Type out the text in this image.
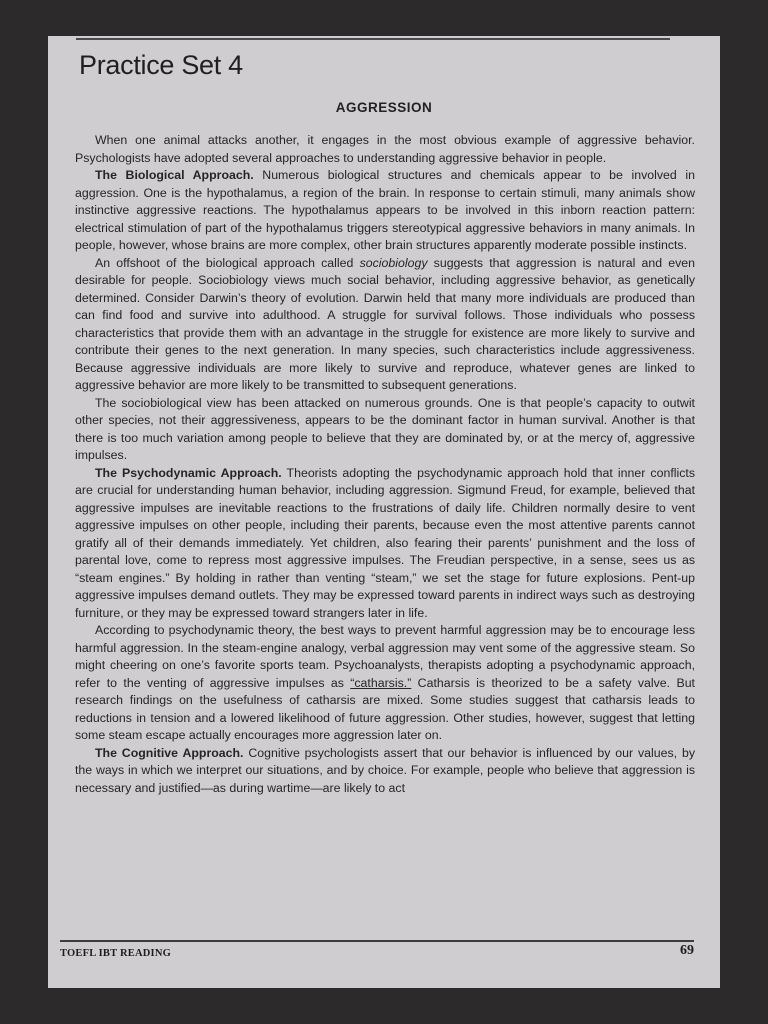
Practice Set 4
AGGRESSION

When one animal attacks another, it engages in the most obvious example of aggressive behavior. Psychologists have adopted several approaches to understanding aggressive behavior in people.

The Biological Approach. Numerous biological structures and chemicals appear to be involved in aggression. One is the hypothalamus, a region of the brain. In response to certain stimuli, many animals show instinctive aggressive reactions. The hypothalamus appears to be involved in this inborn reaction pattern: electrical stimulation of part of the hypothalamus triggers stereotypical aggressive behaviors in many animals. In people, however, whose brains are more complex, other brain structures apparently moderate possible instincts.

An offshoot of the biological approach called sociobiology suggests that aggression is natural and even desirable for people. Sociobiology views much social behavior, including aggressive behavior, as genetically determined. Consider Darwin’s theory of evolution. Darwin held that many more individuals are produced than can find food and survive into adulthood. A struggle for survival follows. Those individuals who possess characteristics that provide them with an advantage in the struggle for existence are more likely to survive and contribute their genes to the next generation. In many species, such characteristics include aggressiveness. Because aggressive individuals are more likely to survive and reproduce, whatever genes are linked to aggressive behavior are more likely to be transmitted to subsequent generations.

The sociobiological view has been attacked on numerous grounds. One is that people’s capacity to outwit other species, not their aggressiveness, appears to be the dominant factor in human survival. Another is that there is too much variation among people to believe that they are dominated by, or at the mercy of, aggressive impulses.

The Psychodynamic Approach. Theorists adopting the psychodynamic approach hold that inner conflicts are crucial for understanding human behavior, including aggression. Sigmund Freud, for example, believed that aggressive impulses are inevitable reactions to the frustrations of daily life. Children normally desire to vent aggressive impulses on other people, including their parents, because even the most attentive parents cannot gratify all of their demands immediately. Yet children, also fearing their parents’ punishment and the loss of parental love, come to repress most aggressive impulses. The Freudian perspective, in a sense, sees us as “steam engines.” By holding in rather than venting “steam,” we set the stage for future explosions. Pent-up aggressive impulses demand outlets. They may be expressed toward parents in indirect ways such as destroying furniture, or they may be expressed toward strangers later in life.

According to psychodynamic theory, the best ways to prevent harmful aggression may be to encourage less harmful aggression. In the steam-engine analogy, verbal aggression may vent some of the aggressive steam. So might cheering on one’s favorite sports team. Psychoanalysts, therapists adopting a psychodynamic approach, refer to the venting of aggressive impulses as “catharsis.” Catharsis is theorized to be a safety valve. But research findings on the usefulness of catharsis are mixed. Some studies suggest that catharsis leads to reductions in tension and a lowered likelihood of future aggression. Other studies, however, suggest that letting some steam escape actually encourages more aggression later on.

The Cognitive Approach. Cognitive psychologists assert that our behavior is influenced by our values, by the ways in which we interpret our situations, and by choice. For example, people who believe that aggression is necessary and justified—as during wartime—are likely to act

TOEFL IBT READING	69
